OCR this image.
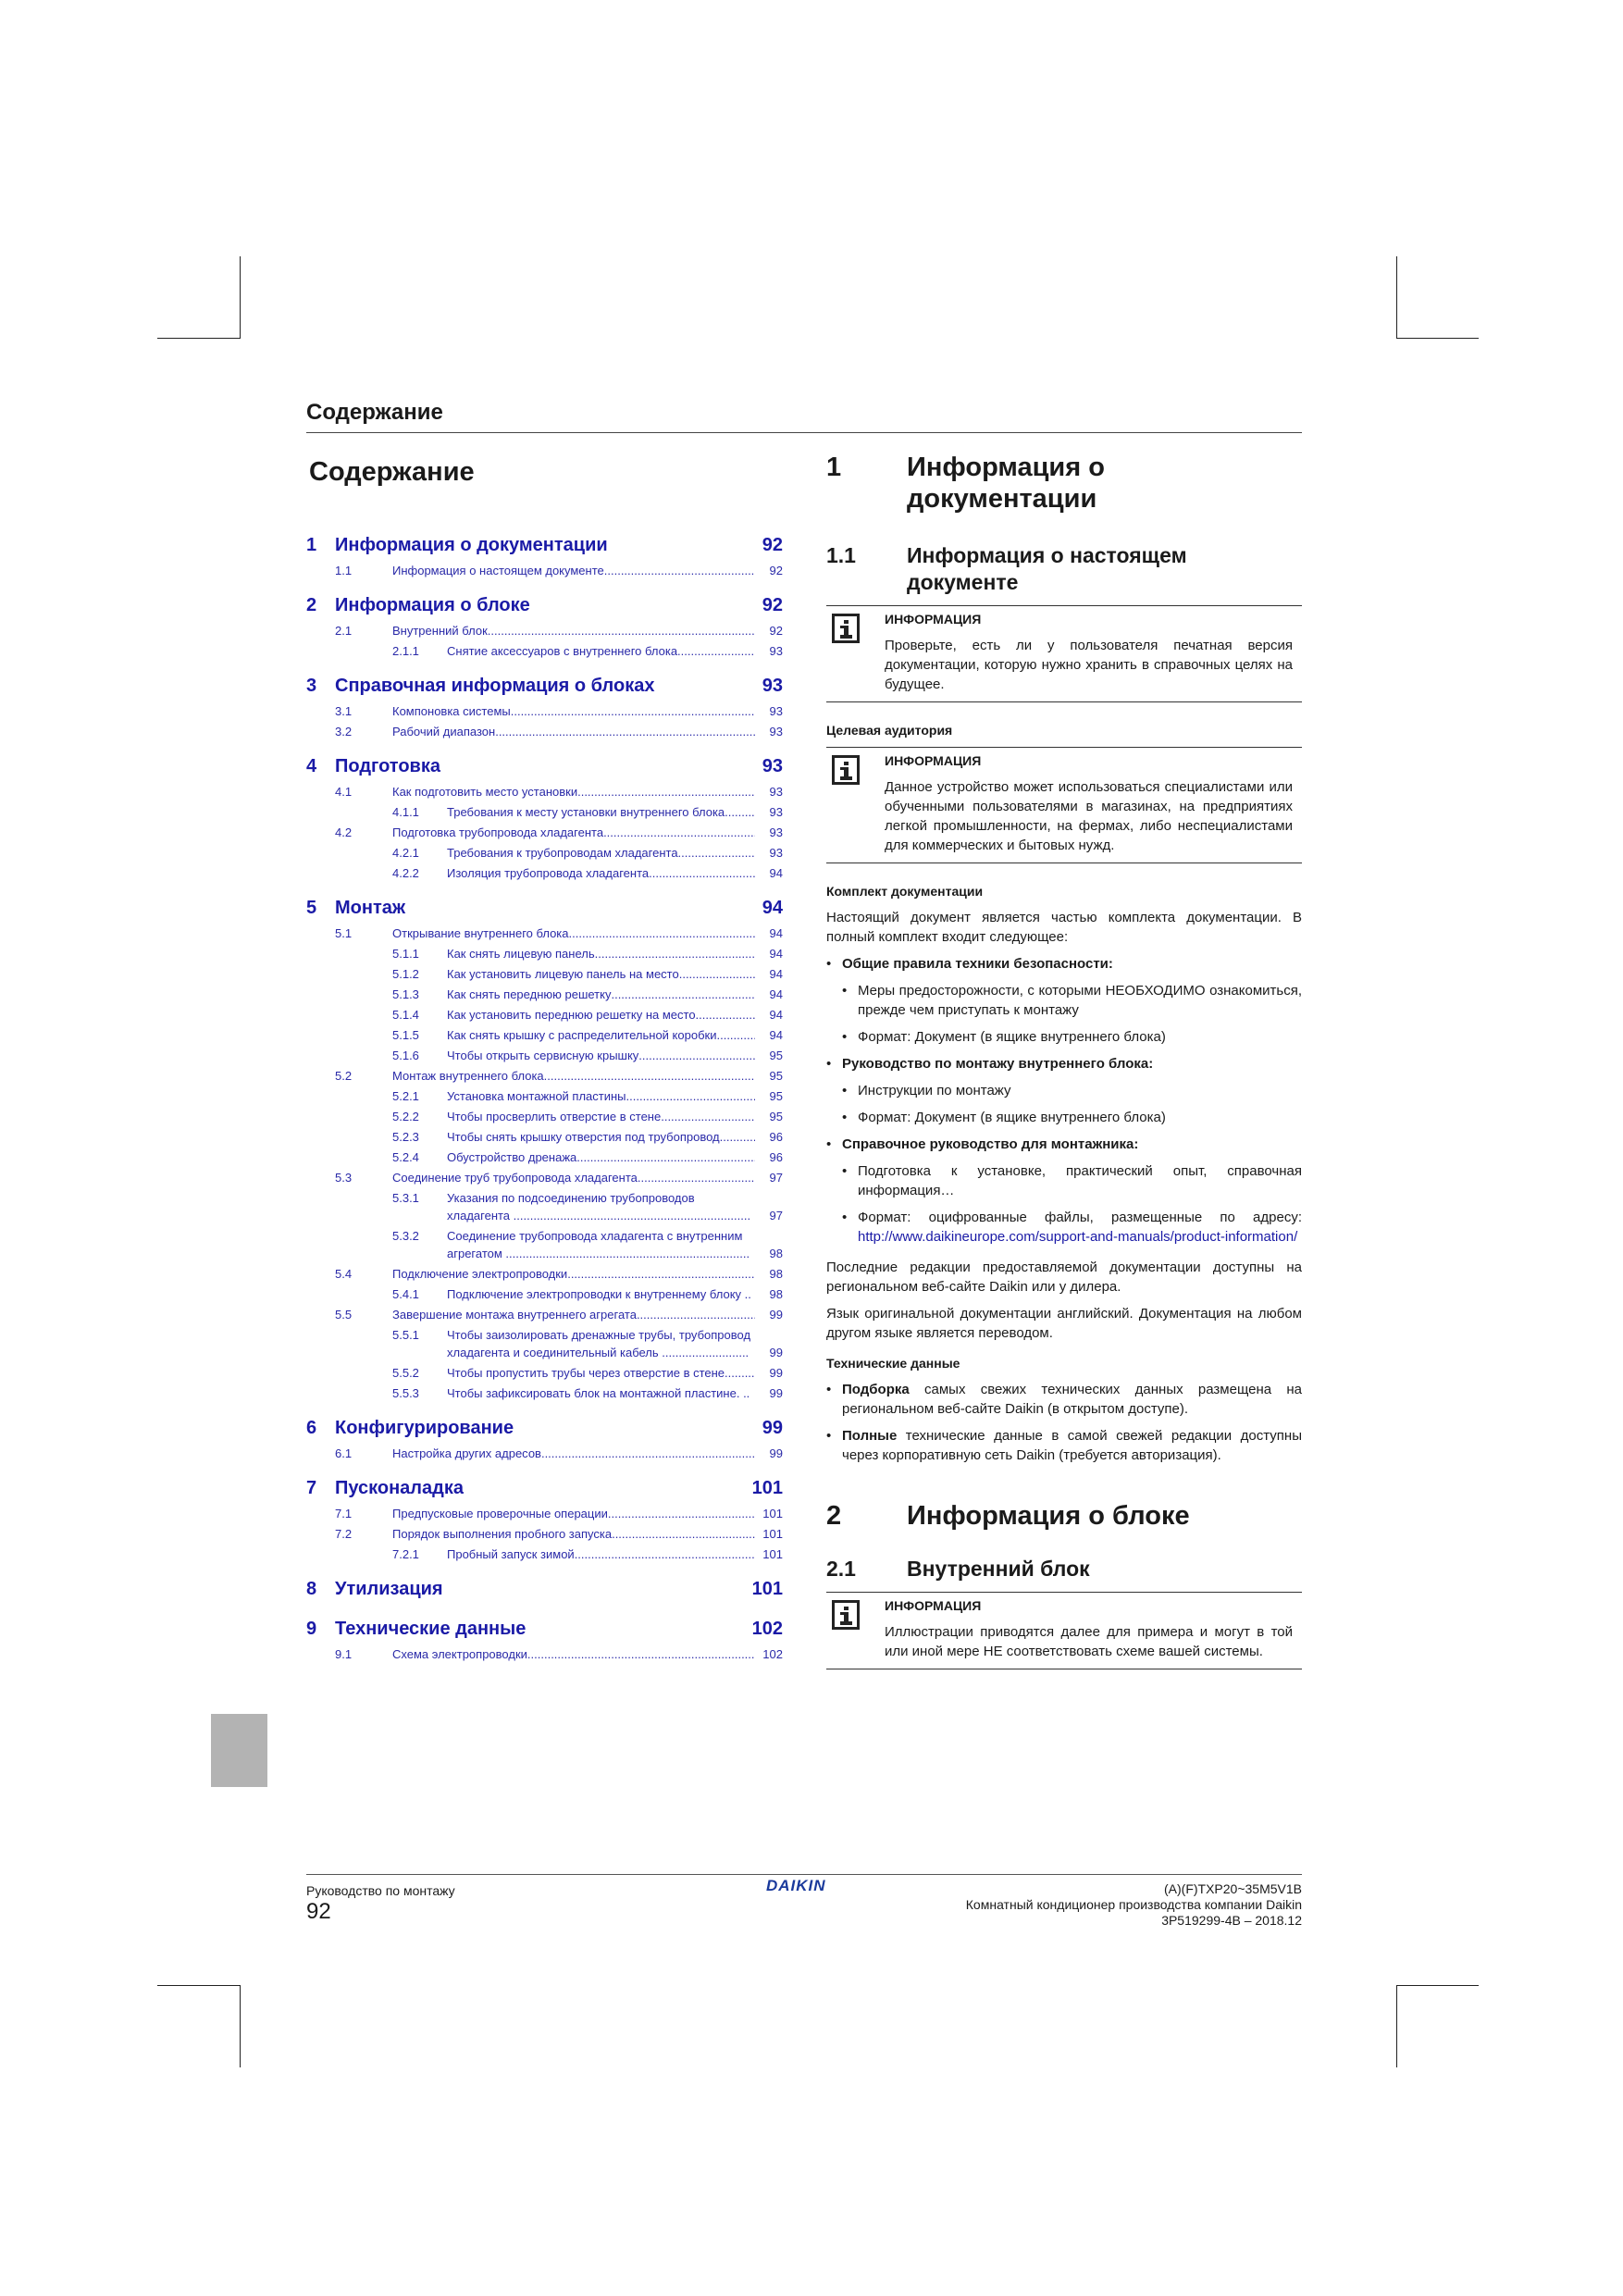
Содержание
Содержание
1 Информация о документации	92
1.1	Информация о настоящем документе .....	92
2 Информация о блоке	92
2.1	Внутренний блок .....	92
2.1.1	Снятие аксессуаров с внутреннего блока .....	93
3 Справочная информация о блоках	93
3.1	Компоновка системы .....	93
3.2	Рабочий диапазон .....	93
4 Подготовка	93
4.1	Как подготовить место установки .....	93
4.1.1	Требования к месту установки внутреннего блока .....	93
4.2	Подготовка трубопровода хладагента .....	93
4.2.1	Требования к трубопроводам хладагента .....	93
4.2.2	Изоляция трубопровода хладагента .....	94
5 Монтаж	94
5.1	Открывание внутреннего блока .....	94
5.1.1	Как снять лицевую панель .....	94
5.1.2	Как установить лицевую панель на место .....	94
5.1.3	Как снять переднюю решетку .....	94
5.1.4	Как установить переднюю решетку на место .....	94
5.1.5	Как снять крышку с распределительной коробки .....	94
5.1.6	Чтобы открыть сервисную крышку .....	95
5.2	Монтаж внутреннего блока .....	95
5.2.1	Установка монтажной пластины .....	95
5.2.2	Чтобы просверлить отверстие в стене .....	95
5.2.3	Чтобы снять крышку отверстия под трубопровод .....	96
5.2.4	Обустройство дренажа .....	96
5.3	Соединение труб трубопровода хладагента .....	97
5.3.1	Указания по подсоединению трубопроводов хладагента .......................................................................	97
5.3.2	Соединение трубопровода хладагента с внутренним агрегатом .........................................................................	98
5.4	Подключение электропроводки .....	98
5.4.1	Подключение электропроводки к внутреннему блоку ..	98
5.5	Завершение монтажа внутреннего агрегата .....	99
5.5.1	Чтобы заизолировать дренажные трубы, трубопровод хладагента и соединительный кабель ..........................	99
5.5.2	Чтобы пропустить трубы через отверстие в стене. .....	99
5.5.3	Чтобы зафиксировать блок на монтажной пластине. ..	99
6 Конфигурирование	99
6.1	Настройка других адресов .....	99
7 Пусконаладка	101
7.1	Предпусковые проверочные операции .....	101
7.2	Порядок выполнения пробного запуска .....	101
7.2.1	Пробный запуск зимой .....	101
8 Утилизация	101
9 Технические данные	102
9.1	Схема электропроводки .....	102
1	Информация о документации
1.1	Информация о настоящем документе
ИНФОРМАЦИЯ
Проверьте, есть ли у пользователя печатная версия документации, которую нужно хранить в справочных целях на будущее.
Целевая аудитория
ИНФОРМАЦИЯ
Данное устройство может использоваться специалистами или обученными пользователями в магазинах, на предприятиях легкой промышленности, на фермах, либо неспециалистами для коммерческих и бытовых нужд.
Комплект документации
Настоящий документ является частью комплекта документации. В полный комплект входит следующее:
• Общие правила техники безопасности:
• Меры предосторожности, с которыми НЕОБХОДИМО ознакомиться, прежде чем приступать к монтажу
• Формат: Документ (в ящике внутреннего блока)
• Руководство по монтажу внутреннего блока:
• Инструкции по монтажу
• Формат: Документ (в ящике внутреннего блока)
• Справочное руководство для монтажника:
• Подготовка к установке, практический опыт, справочная информация…
• Формат: оцифрованные файлы, размещенные по адресу: http://www.daikineurope.com/support-and-manuals/product-information/
Последние редакции предоставляемой документации доступны на региональном веб-сайте Daikin или у дилера.
Язык оригинальной документации английский. Документация на любом другом языке является переводом.
Технические данные
• Подборка самых свежих технических данных размещена на региональном веб-сайте Daikin (в открытом доступе).
• Полные технические данные в самой свежей редакции доступны через корпоративную сеть Daikin (требуется авторизация).
2	Информация о блоке
2.1	Внутренний блок
ИНФОРМАЦИЯ
Иллюстрации приводятся далее для примера и могут в той или иной мере НЕ соответствовать схеме вашей системы.
Руководство по монтажу
92
DAIKIN	(A)(F)TXP20~35M5V1B
Комнатный кондиционер производства компании Daikin
3P519299-4B – 2018.12
